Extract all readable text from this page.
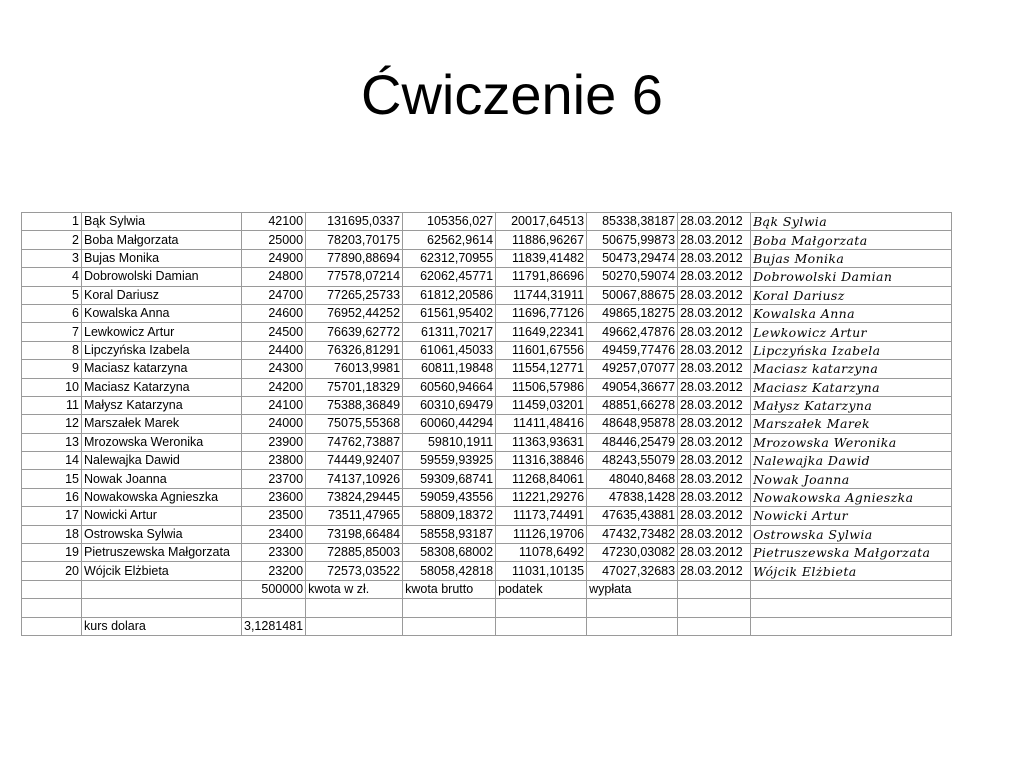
Ćwiczenie 6
1	Bąk Sylwia	42100	131695,0337	105356,027	20017,64513	85338,38187	28.03.2012	Bąk Sylwia
2	Boba Małgorzata	25000	78203,70175	62562,9614	11886,96267	50675,99873	28.03.2012	Boba Małgorzata
3	Bujas Monika	24900	77890,88694	62312,70955	11839,41482	50473,29474	28.03.2012	Bujas Monika
4	Dobrowolski Damian	24800	77578,07214	62062,45771	11791,86696	50270,59074	28.03.2012	Dobrowolski Damian
5	Koral Dariusz	24700	77265,25733	61812,20586	11744,31911	50067,88675	28.03.2012	Koral Dariusz
6	Kowalska Anna	24600	76952,44252	61561,95402	11696,77126	49865,18275	28.03.2012	Kowalska Anna
7	Lewkowicz Artur	24500	76639,62772	61311,70217	11649,22341	49662,47876	28.03.2012	Lewkowicz Artur
8	Lipczyńska Izabela	24400	76326,81291	61061,45033	11601,67556	49459,77476	28.03.2012	Lipczyńska Izabela
9	Maciasz katarzyna	24300	76013,9981	60811,19848	11554,12771	49257,07077	28.03.2012	Maciasz katarzyna
10	Maciasz Katarzyna	24200	75701,18329	60560,94664	11506,57986	49054,36677	28.03.2012	Maciasz Katarzyna
11	Małysz Katarzyna	24100	75388,36849	60310,69479	11459,03201	48851,66278	28.03.2012	Małysz Katarzyna
12	Marszałek Marek	24000	75075,55368	60060,44294	11411,48416	48648,95878	28.03.2012	Marszałek Marek
13	Mrozowska Weronika	23900	74762,73887	59810,1911	11363,93631	48446,25479	28.03.2012	Mrozowska Weronika
14	Nalewajka Dawid	23800	74449,92407	59559,93925	11316,38846	48243,55079	28.03.2012	Nalewajka Dawid
15	Nowak Joanna	23700	74137,10926	59309,68741	11268,84061	48040,8468	28.03.2012	Nowak Joanna
16	Nowakowska Agnieszka	23600	73824,29445	59059,43556	11221,29276	47838,1428	28.03.2012	Nowakowska Agnieszka
17	Nowicki Artur	23500	73511,47965	58809,18372	11173,74491	47635,43881	28.03.2012	Nowicki Artur
18	Ostrowska Sylwia	23400	73198,66484	58558,93187	11126,19706	47432,73482	28.03.2012	Ostrowska Sylwia
19	Pietruszewska Małgorzata	23300	72885,85003	58308,68002	11078,6492	47230,03082	28.03.2012	Pietruszewska Małgorzata
20	Wójcik Elżbieta	23200	72573,03522	58058,42818	11031,10135	47027,32683	28.03.2012	Wójcik Elżbieta
		500000	kwota w zł.	kwota brutto	podatek	wypłata		

	kurs dolara	3,1281481						
